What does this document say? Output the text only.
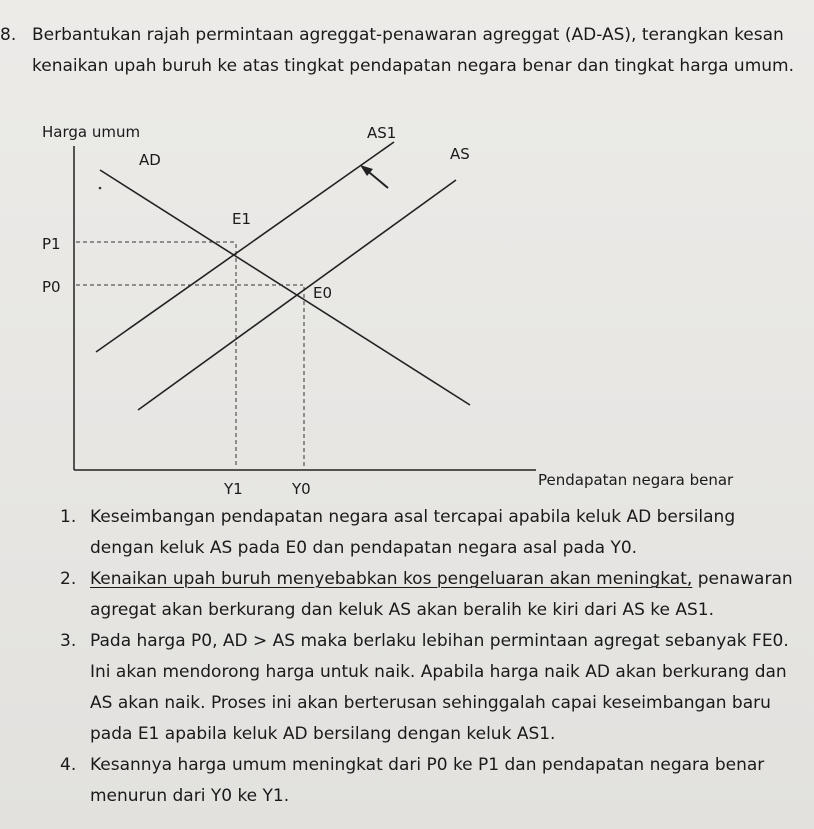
8. Berbantukan rajah permintaan agreggat-penawaran agreggat (AD-AS), terangkan kesan
kenaikan upah buruh ke atas tingkat pendapatan negara benar dan tingkat harga umum.
Harga umum
Pendapatan negara benar
AD	AS
AS1
E1
E0
P1
P0
Y1	Y0
1. Keseimbangan pendapatan negara asal tercapai apabila keluk AD bersilang
dengan keluk AS pada E0 dan pendapatan negara asal pada Y0.
2. Kenaikan upah buruh menyebabkan kos pengeluaran akan meningkat, penawaran
agregat akan berkurang dan keluk AS akan beralih ke kiri dari AS ke AS1.
3. Pada harga P0, AD > AS maka berlaku lebihan permintaan agregat sebanyak FE0.
Ini akan mendorong harga untuk naik. Apabila harga naik AD akan berkurang dan
AS akan naik. Proses ini akan berterusan sehinggalah capai keseimbangan baru
pada E1 apabila keluk AD bersilang dengan keluk AS1.
4. Kesannya harga umum meningkat dari P0 ke P1 dan pendapatan negara benar
menurun dari Y0 ke Y1.
